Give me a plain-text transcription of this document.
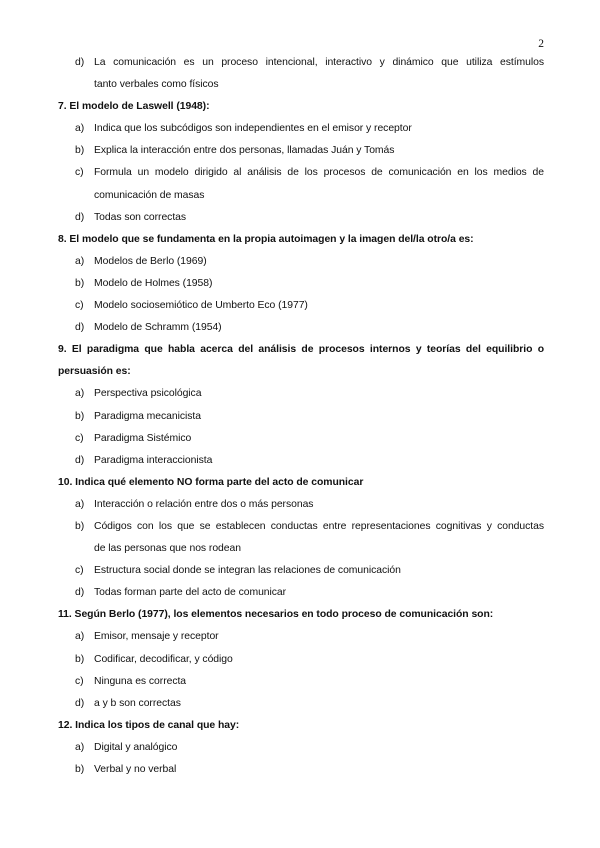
2
d) La comunicación es un proceso intencional, interactivo y dinámico que utiliza estímulos
tanto verbales como físicos
7. El modelo de Laswell (1948):
a) Indica que los subcódigos son independientes en el emisor y receptor
b) Explica la interacción entre dos personas, llamadas Juán y Tomás
c) Formula un modelo dirigido al análisis de los procesos de comunicación en los medios de
comunicación de masas
d) Todas son correctas
8. El modelo que se fundamenta en la propia autoimagen y la imagen del/la otro/a es:
a) Modelos de Berlo (1969)
b) Modelo de Holmes (1958)
c) Modelo sociosemiótico de Umberto Eco (1977)
d) Modelo de Schramm (1954)
9. El paradigma que habla acerca del análisis de procesos internos y teorías del equilibrio o
persuasión es:
a) Perspectiva psicológica
b) Paradigma mecanicista
c) Paradigma Sistémico
d) Paradigma interaccionista
10. Indica qué elemento NO forma parte del acto de comunicar
a) Interacción o relación entre dos o más personas
b) Códigos con los que se establecen conductas entre representaciones cognitivas y conductas
de las personas que nos rodean
c) Estructura social donde se integran las relaciones de comunicación
d) Todas forman parte del acto de comunicar
11. Según Berlo (1977), los elementos necesarios en todo proceso de comunicación son:
a) Emisor, mensaje y receptor
b) Codificar, decodificar, y código
c) Ninguna es correcta
d) a y b son correctas
12. Indica los tipos de canal que hay:
a) Digital y analógico
b) Verbal y no verbal
